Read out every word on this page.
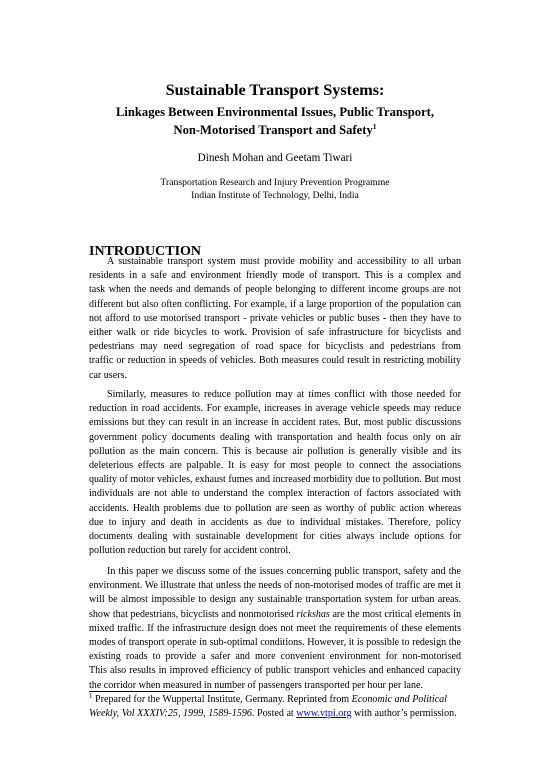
Sustainable Transport Systems:
Linkages Between Environmental Issues, Public Transport,
Non-Motorised Transport and Safety$^1$
Dinesh Mohan and Geetam Tiwari
Transportation Research and Injury Prevention Programme
Indian Institute of Technology, Delhi, India
INTRODUCTION
A sustainable transport system must provide mobility and accessibility to all urban
residents in a safe and environment friendly mode of transport. This is a complex and
task when the needs and demands of people belonging to different income groups are not
different but also often conflicting. For example, if a large proportion of the population can
not afford to use motorised transport - private vehicles or public buses - then they have to
either walk or ride bicycles to work. Provision of safe infrastructure for bicyclists and
pedestrians may need segregation of road space for bicyclists and pedestrians from
traffic or reduction in speeds of vehicles. Both measures could result in restricting mobility
car users.
Similarly, measures to reduce pollution may at times conflict with those needed for
reduction in road accidents. For example, increases in average vehicle speeds may reduce
emissions but they can result in an increase in accident rates. But, most public discussions
government policy documents dealing with transportation and health focus only on air
pollution as the main concern. This is because air pollution is generally visible and its
deleterious effects are palpable. It is easy for most people to connect the associations
quality of motor vehicles, exhaust fumes and increased morbidity due to pollution. But most
individuals are not able to understand the complex interaction of factors associated with
accidents. Health problems due to pollution are seen as worthy of public action whereas
due to injury and death in accidents as due to individual mistakes. Therefore, policy
documents dealing with sustainable development for cities always include options for
pollution reduction but rarely for accident control.
In this paper we discuss some of the issues concerning public transport, safety and the
environment. We illustrate that unless the needs of non-motorised modes of traffic are met it
will be almost impossible to design any sustainable transportation system for urban areas.
show that pedestrians, bicyclists and nonmotorised rickshas are the most critical elements in
mixed traffic. If the infrastructure design does not meet the requirements of these elements
modes of transport operate in sub-optimal conditions. However, it is possible to redesign the
existing roads to provide a safer and more convenient environment for non-motorised
This also results in improved efficiency of public transport vehicles and enhanced capacity
the corridor when measured in number of passengers transported per hour per lane.
$^1$ Prepared for the Wuppertal Institute, Germany. Reprinted from Economic and Political
Weekly, Vol XXXIV:25, 1999, 1589-1596. Posted at www.vtpi.org with author’s permission.
